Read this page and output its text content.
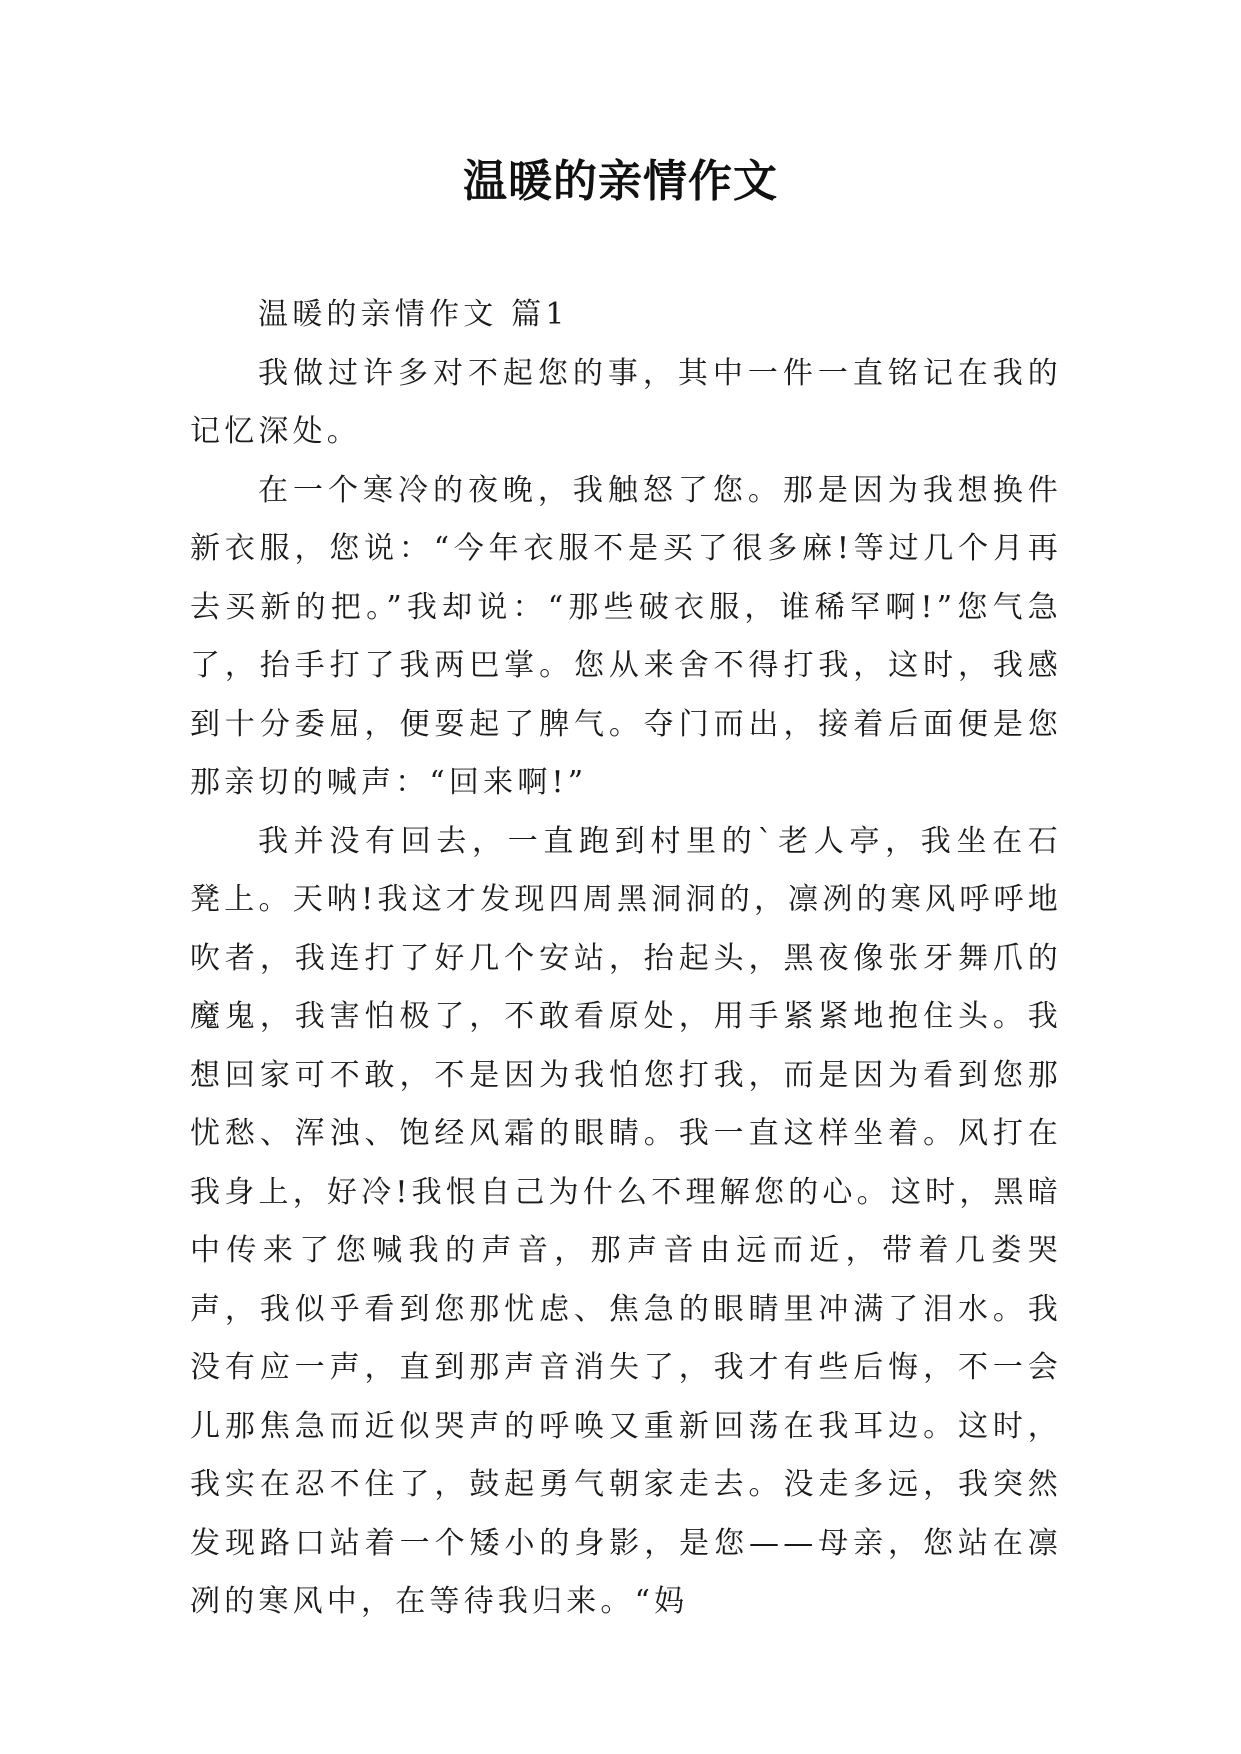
温暖的亲情作文

温暖的亲情作文 篇1

我做过许多对不起您的事，其中一件一直铭记在我的记忆深处。

在一个寒冷的夜晚，我触怒了您。那是因为我想换件新衣服，您说：“今年衣服不是买了很多麻!等过几个月再去买新的把。”我却说：“那些破衣服，谁稀罕啊!”您气急了，抬手打了我两巴掌。您从来舍不得打我，这时，我感到十分委屈，便耍起了脾气。夺门而出，接着后面便是您那亲切的喊声：“回来啊!”

我并没有回去，一直跑到村里的`老人亭，我坐在石凳上。天呐!我这才发现四周黑洞洞的，凛冽的寒风呼呼地吹者，我连打了好几个安站，抬起头，黑夜像张牙舞爪的魔鬼，我害怕极了，不敢看原处，用手紧紧地抱住头。我想回家可不敢，不是因为我怕您打我，而是因为看到您那忧愁、浑浊、饱经风霜的眼睛。我一直这样坐着。风打在我身上，好冷!我恨自己为什么不理解您的心。这时，黑暗中传来了您喊我的声音，那声音由远而近，带着几娄哭声，我似乎看到您那忧虑、焦急的眼睛里冲满了泪水。我没有应一声，直到那声音消失了，我才有些后悔，不一会儿那焦急而近似哭声的呼唤又重新回荡在我耳边。这时，我实在忍不住了，鼓起勇气朝家走去。没走多远，我突然发现路口站着一个矮小的身影，是您——母亲，您站在凛冽的寒风中，在等待我归来。“妈
